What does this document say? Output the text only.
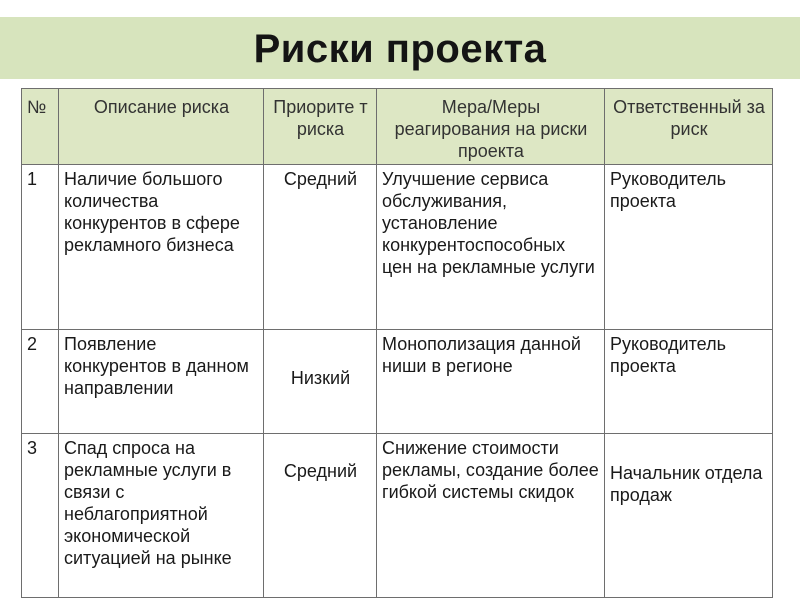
Риски проекта
№	Описание риска	Приорите т риска	Мера/Меры реагирования на риски проекта	Ответственный за риск
1	Наличие большого количества конкурентов в сфере рекламного бизнеса	Средний	Улучшение сервиса обслуживания, установление конкурентоспособных цен на рекламные услуги	Руководитель проекта
2	Появление конкурентов в данном направлении	Низкий	Монополизация данной ниши в регионе	Руководитель проекта
3	Спад спроса на рекламные услуги в связи с неблагоприятной экономической ситуацией на рынке	Средний	Снижение стоимости рекламы, создание более гибкой системы скидок	Начальник отдела продаж
